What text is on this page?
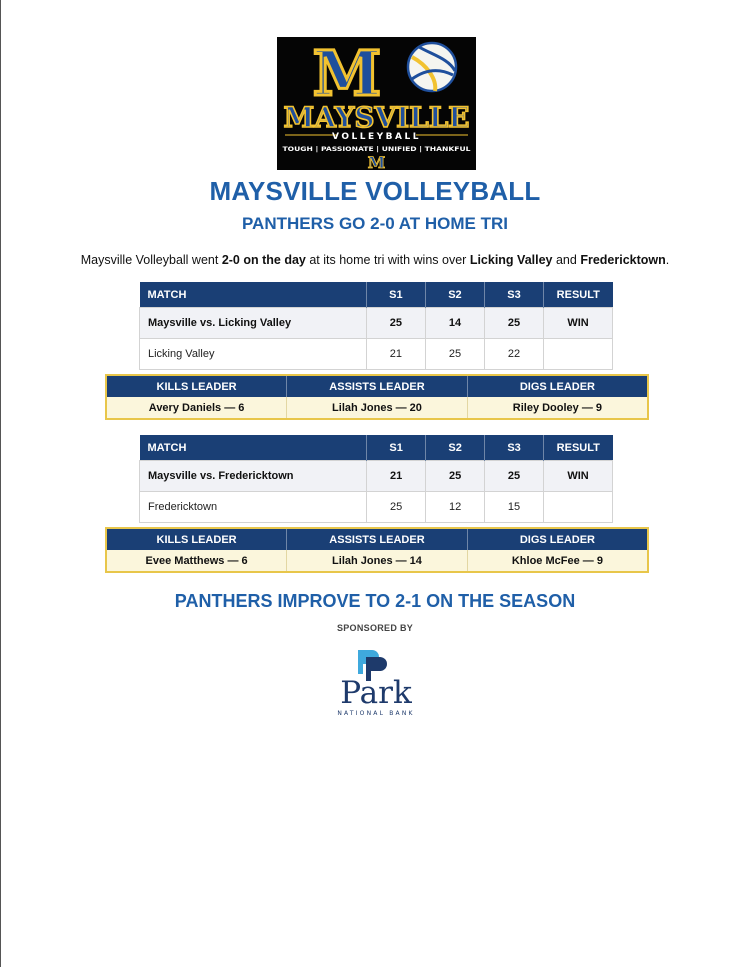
M
MAYSVILLE
VOLLEYBALL
TOUGH | PASSIONATE | UNIFIED | THANKFUL
M
MAYSVILLE VOLLEYBALL
PANTHERS GO 2-0 AT HOME TRI
Maysville Volleyball went 2-0 on the day at its home tri with wins over Licking Valley and Fredericktown.
MATCH	S1	S2	S3	RESULT
Maysville vs. Licking Valley	25	14	25	WIN
Licking Valley	21	25	22	
KILLS LEADER	ASSISTS LEADER	DIGS LEADER
Avery Daniels — 6	Lilah Jones — 20	Riley Dooley — 9
MATCH	S1	S2	S3	RESULT
Maysville vs. Fredericktown	21	25	25	WIN
Fredericktown	25	12	15	
KILLS LEADER	ASSISTS LEADER	DIGS LEADER
Evee Matthews — 6	Lilah Jones — 14	Khloe McFee — 9
PANTHERS IMPROVE TO 2-1 ON THE SEASON
SPONSORED BY
Park
NATIONAL BANK
